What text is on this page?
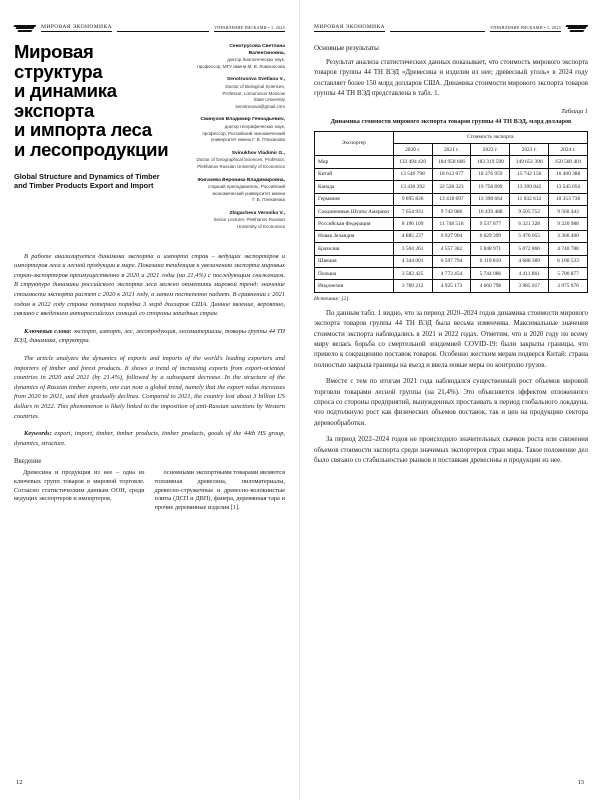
МИРОВАЯ ЭКОНОМИКА	УПРАВЛЕНИЕ РИСКАМИ • 1, 2025
Мировая структура
и динамика
экспорта
и импорта леса
и лесопродукции
Global Structure and Dynamics of Timber
and Timber Products Export and Import
Сенотрусова Светлана Валентиновна,
доктор биологических наук,
профессор, МГУ имени М. В. Ломоносова
Senotrusova Svetlana V.,
Doctor of Biological Sciences,
Professor, Lomonosov Moscow
State University
senotrusova@gmail.com
Свинухов Владимир Геннадьевич,
доктор географических наук,
профессор, Российский экономический
университет имени Г. В. Плеханова
Svinukhov Vladimir G.,
Doctor of Geographical Sciences, Professor,
Plekhanov Russian University of Economics
Жигачева Вероника Владимировна,
старший преподаватель, Российский
экономический университет имени
Г. В. Плеханова
Zhigacheva Veronika V.,
Senior Lecturer, Plekhanov Russian
University of Economics

В работе анализируется динамика экспорта и импорта стран – ведущих экспортеров и импортеров леса и лесной продукции в мире. Показана тенденция к увеличению экспорта мировых стран-экспортеров преимущественно в 2020 и 2021 годы (на 21,4%) с последующим снижением. В структуре динамики российского экспорта леса можно отметить мировой тренд: значение стоимости экспорта растет с 2020 к 2021 году, а затем постепенно падает. В сравнении с 2021 годом в 2022 году страна потеряла порядка 3 млрд долларов США. Данное явление, вероятно, связано с введением антироссийских санкций со стороны западных стран.

Ключевые слова: экспорт, импорт, лес, лесопродукция, лесоматериалы, товары группы 44 ТН ВЭД, динамика, структура.

The article analyzes the dynamics of exports and imports of the world's leading exporters and importers of timber and forest products. It shows a trend of increasing exports from export-oriented countries in 2020 and 2021 (by 21.4%), followed by a subsequent decrease. In the structure of the dynamics of Russian timber exports, one can note a global trend, namely that the export value increases from 2020 to 2021, and then gradually declines. Compared to 2021, the country lost about 3 billion US dollars in 2022. This phenomenon is likely linked to the imposition of anti-Russian sanctions by Western countries.

Keywords: export, import, timber, timber products, timber products, goods of the 44th HS group, dynamics, structure.

Введение

Древесина и продукция из нее – одна из ключевых групп товаров в мировой торговле. Согласно статистическим данным ООН, среди ведущих экспортеров и импортеров,

основными экспортными товарами являются топливная древесина, пиломатериалы, древесно-стружечные и древесно-волокнистые плиты (ДСП и ДВП), фанера, деревянная тара и прочие деревянные изделия [1].

12
МИРОВАЯ ЭКОНОМИКА	УПРАВЛЕНИЕ РИСКАМИ • 1, 2025
Основные результаты

Результат анализа статистических данных показывает, что стоимость мирового экспорта товаров группы 44 ТН ВЭД «Древесина и изделия из нее; древесный уголь» в 2024 году составляет более 150 млрд долларов США. Динамика стоимости мирового экспорта товаров группы 44 ТН ВЭД представлена в табл. 1.

Таблица 1
Динамика стоимости мирового экспорта товаров группы 44 ТН ВЭД, млрд долларов
Экспортер	Стоимость экспорта				
	2020 г.	2021 г.	2022 г.	2023 г.	2024 г.
Мир	133 494 420	184 958 666	183 319 590	149 651 396	150 560 401
Китай	13 540 798	18 613 077	18 276 959	15 742 150	16 400 388
Канада	13 430 392	22 528 323	19 758 899	13 399 842	13 545 056
Германия	9 895 836	13 418 697	13 398 664	11 032 612	10 353 738
Соединенные Штаты Америки	7 654 931	9 743 086	10 439 488	9 505 752	9 560 443
Российская Федерация	8 196 109	11 748 518	9 537 877	6 321 328	9 220 988
Новая Зеландия	4 885 237	6 927 904	6 629 399	5 470 055	3 300 400
Бразилия	3 504 261	4 557 382	5 848 971	5 072 866	4 740 788
Швеция	4 344 001	6 597 794	6 119 810	4 688 389	6 100 533
Польша	3 582 425	4 773 454	5 744 086	4 411 861	5 700 877
Индонезия	3 789 212	4 925 173	4 660 798	3 985 017	3 975 076
Источник: [2].

По данным табл. 1 видно, что за период 2020–2024 годов динамика стоимости мирового экспорта товаров группы 44 ТН ВЭД была весьма изменчива. Максимальные значения стоимости экспорта наблюдались в 2021 и 2022 годах. Отметим, что в 2020 году по всему миру велась борьба со смертельной эпидемией COVID-19: были закрыты границы, что привело к сокращению поставок товаров. Особенно жестким мерам подверся Китай: страна полностью закрыла границы на въезд и ввела новые меры по контролю грузов.

Вместе с тем по итогам 2021 года наблюдался существенный рост объемов мировой торговли товарами лесной группы (на 21,4%). Это объясняется эффектом отложенного спроса со стороны предприятий, вынужденных простаивать в период глобального локдауна, что подтолкнуло рост как физических объемов поставок, так и цен на продукцию сектора деревообработки.

За период 2022–2024 годов не происходило значительных скачков роста или снижения объемов стоимости экспорта среди значимых экспортеров стран мира. Такое положение дел было связано со стабильностью рынков и поставкам древесины и продукции из нее.

13
